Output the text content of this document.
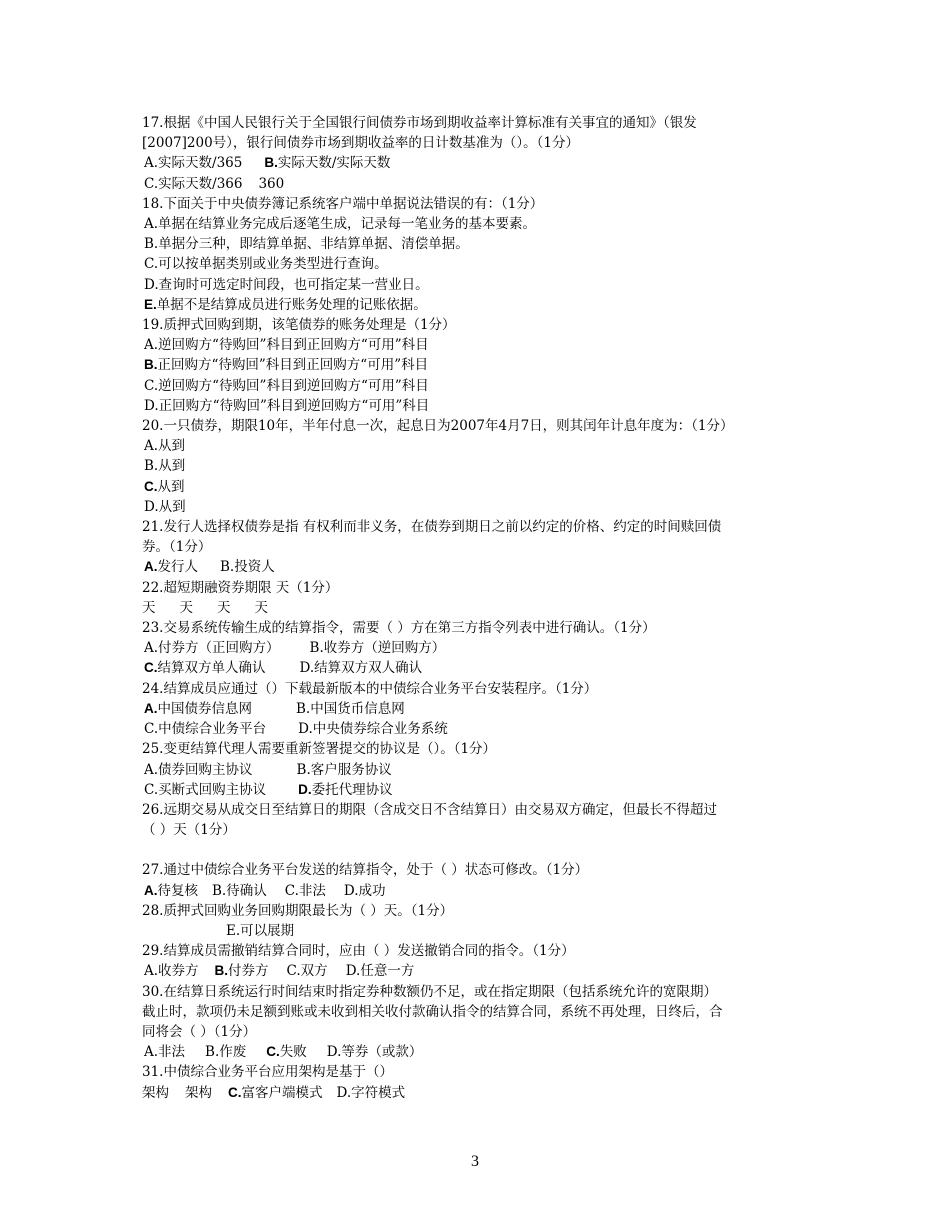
17.根据《中国人民银行关于全国银行间债券市场到期收益率计算标准有关事宜的通知》（银发
[2007]200号），银行间债券市场到期收益率的日计数基准为（）。（1分）
A.实际天数/365 B.实际天数/实际天数
C.实际天数/366 360
18.下面关于中央债券簿记系统客户端中单据说法错误的有：（1分）
A.单据在结算业务完成后逐笔生成，记录每一笔业务的基本要素。
B.单据分三种，即结算单据、非结算单据、清偿单据。
C.可以按单据类别或业务类型进行查询。
D.查询时可选定时间段，也可指定某一营业日。
E.单据不是结算成员进行账务处理的记账依据。
19.质押式回购到期，该笔债券的账务处理是（1分）
A.逆回购方“待购回”科目到正回购方“可用”科目
B.正回购方“待购回”科目到正回购方“可用”科目
C.逆回购方“待购回”科目到逆回购方“可用”科目
D.正回购方“待购回”科目到逆回购方“可用”科目
20.一只债券，期限10年，半年付息一次，起息日为2007年4月7日，则其闰年计息年度为：（1分）
A.从到
B.从到
C.从到
D.从到
21.发行人选择权债券是指 有权利而非义务，在债券到期日之前以约定的价格、约定的时间赎回债
券。（1分）
A.发行人 B.投资人
22.超短期融资券期限 天（1分）
天 天 天 天
23.交易系统传输生成的结算指令，需要（ ）方在第三方指令列表中进行确认。（1分）
A.付券方（正回购方） B.收券方（逆回购方）
C.结算双方单人确认	D.结算双方双人确认
24.结算成员应通过（）下载最新版本的中债综合业务平台安装程序。（1分）
A.中国债券信息网	B.中国货币信息网
C.中债综合业务平台 D.中央债券综合业务系统
25.变更结算代理人需要重新签署提交的协议是（）。（1分）
A.债券回购主协议	B.客户服务协议
C.买断式回购主协议 D.委托代理协议
26.远期交易从成交日至结算日的期限（含成交日不含结算日）由交易双方确定，但最长不得超过
（ ）天（1分）
27.通过中债综合业务平台发送的结算指令，处于（ ）状态可修改。（1分）
A.待复核 B.待确认 C.非法 D.成功
28.质押式回购业务回购期限最长为（ ）天。（1分）
E.可以展期
29.结算成员需撤销结算合同时，应由（ ）发送撤销合同的指令。（1分）
A.收券方 B.付券方 C.双方 D.任意一方
30.在结算日系统运行时间结束时指定券种数额仍不足，或在指定期限（包括系统允许的宽限期）
截止时，款项仍未足额到账或未收到相关收付款确认指令的结算合同，系统不再处理，日终后，合
同将会（ ）（1分）
A.非法 B.作废 C.失败 D.等券（或款）
31.中债综合业务平台应用架构是基于（）
架构 架构 C.富客户端模式 D.字符模式
3
